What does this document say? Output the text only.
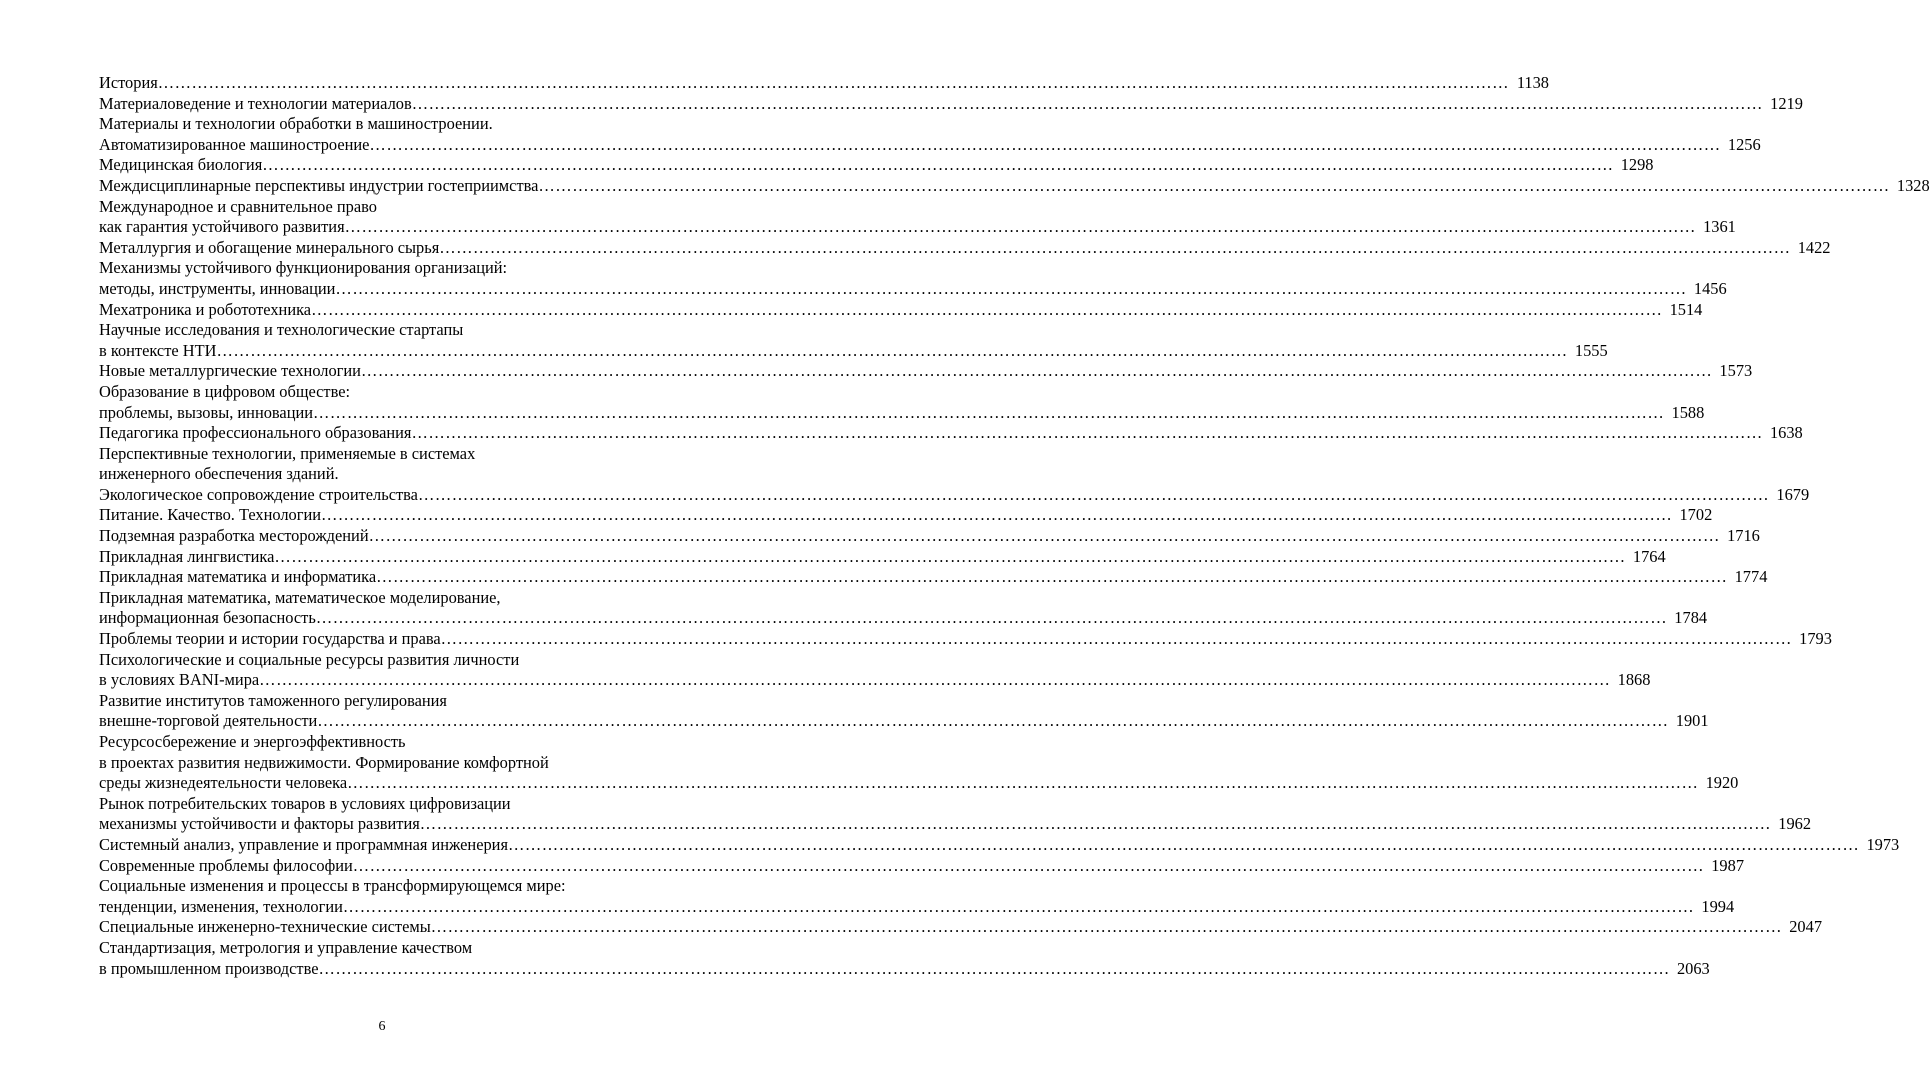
История …………………………………………………………………………………………………………………………………………………………………………………………………………………… 1138
Материаловедение и технологии материалов …………………………………………………………………………………………………………………………………………………………………………………………………………………… 1219
Материалы и технологии обработки в машиностроении.
Автоматизированное машиностроение …………………………………………………………………………………………………………………………………………………………………………………………………………………… 1256
Медицинская биология …………………………………………………………………………………………………………………………………………………………………………………………………………………… 1298
Междисциплинарные перспективы индустрии гостеприимства …………………………………………………………………………………………………………………………………………………………………………………………………………………… 1328
Международное и сравнительное право
как гарантия устойчивого развития …………………………………………………………………………………………………………………………………………………………………………………………………………………… 1361
Металлургия и обогащение минерального сырья …………………………………………………………………………………………………………………………………………………………………………………………………………………… 1422
Механизмы устойчивого функционирования организаций:
методы, инструменты, инновации …………………………………………………………………………………………………………………………………………………………………………………………………………………… 1456
Мехатроника и робототехника …………………………………………………………………………………………………………………………………………………………………………………………………………………… 1514
Научные исследования и технологические стартапы
в контексте НТИ …………………………………………………………………………………………………………………………………………………………………………………………………………………… 1555
Новые металлургические технологии …………………………………………………………………………………………………………………………………………………………………………………………………………………… 1573
Образование в цифровом обществе:
проблемы, вызовы, инновации …………………………………………………………………………………………………………………………………………………………………………………………………………………… 1588
Педагогика профессионального образования …………………………………………………………………………………………………………………………………………………………………………………………………………………… 1638
Перспективные технологии, применяемые в системах
инженерного обеспечения зданий.
Экологическое сопровождение строительства …………………………………………………………………………………………………………………………………………………………………………………………………………………… 1679
Питание. Качество. Технологии …………………………………………………………………………………………………………………………………………………………………………………………………………………… 1702
Подземная разработка месторождений …………………………………………………………………………………………………………………………………………………………………………………………………………………… 1716
Прикладная лингвистика …………………………………………………………………………………………………………………………………………………………………………………………………………………… 1764
Прикладная математика и информатика …………………………………………………………………………………………………………………………………………………………………………………………………………………… 1774
Прикладная математика, математическое моделирование,
информационная безопасность …………………………………………………………………………………………………………………………………………………………………………………………………………………… 1784
Проблемы теории и истории государства и права …………………………………………………………………………………………………………………………………………………………………………………………………………………… 1793
Психологические и социальные ресурсы развития личности
в условиях BANI-мира …………………………………………………………………………………………………………………………………………………………………………………………………………………… 1868
Развитие институтов таможенного регулирования
внешне-торговой деятельности …………………………………………………………………………………………………………………………………………………………………………………………………………………… 1901
Ресурсосбережение и энергоэффективность
в проектах развития недвижимости. Формирование комфортной
среды жизнедеятельности человека …………………………………………………………………………………………………………………………………………………………………………………………………………………… 1920
Рынок потребительских товаров в условиях цифровизации
механизмы устойчивости и факторы развития …………………………………………………………………………………………………………………………………………………………………………………………………………………… 1962
Системный анализ, управление и программная инженерия …………………………………………………………………………………………………………………………………………………………………………………………………………………… 1973
Современные проблемы философии …………………………………………………………………………………………………………………………………………………………………………………………………………………… 1987
Социальные изменения и процессы в трансформирующемся мире:
тенденции, изменения, технологии …………………………………………………………………………………………………………………………………………………………………………………………………………………… 1994
Специальные инженерно-технические системы …………………………………………………………………………………………………………………………………………………………………………………………………………………… 2047
Стандартизация, метрология и управление качеством
в промышленном производстве …………………………………………………………………………………………………………………………………………………………………………………………………………………… 2063
6
